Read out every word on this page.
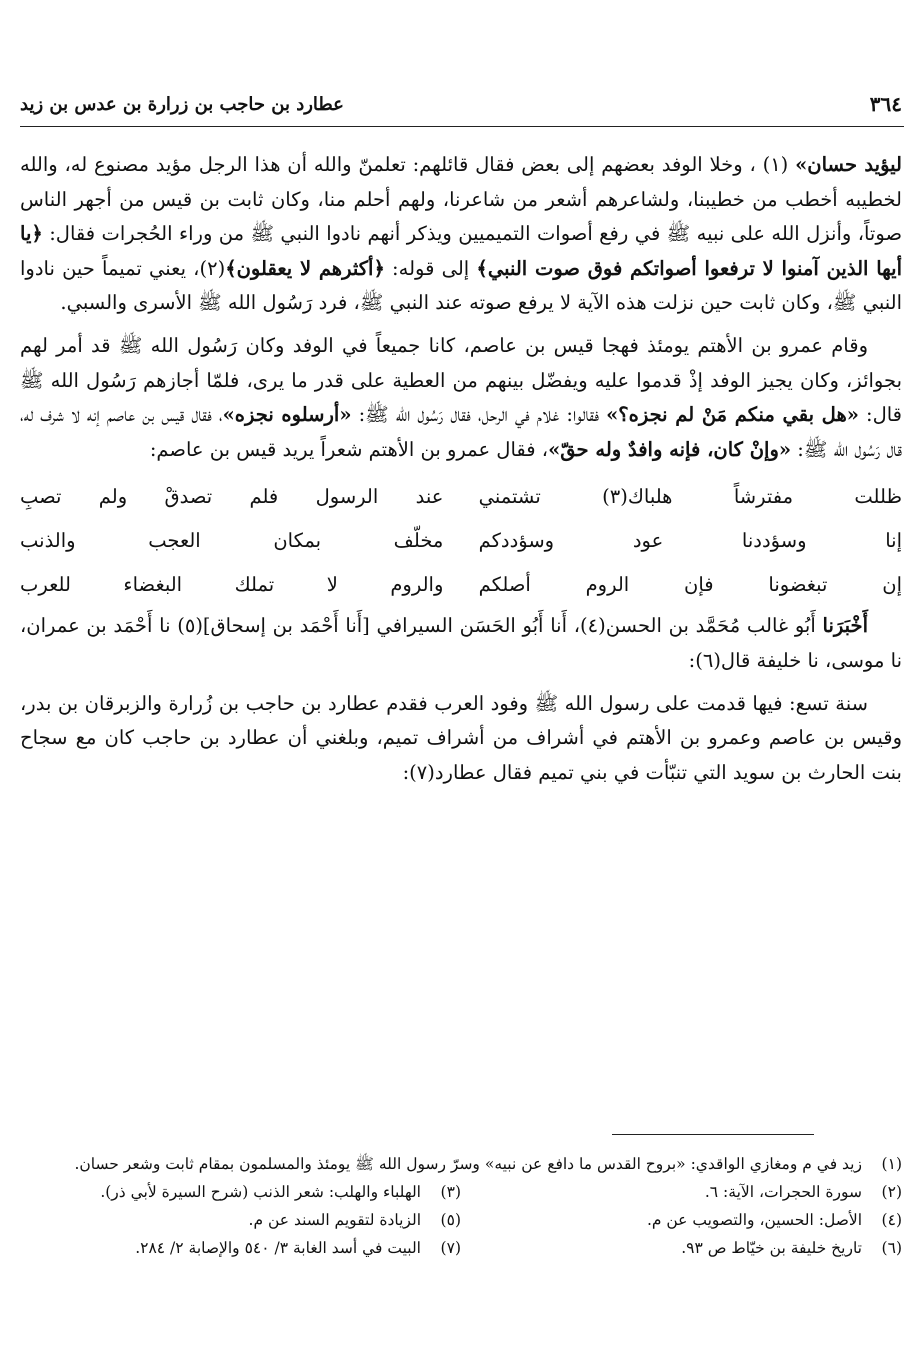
٣٦٤
عطارد بن حاجب بن زرارة بن عدس بن زيد

ليؤيد حسان» (١) ، وخلا الوفد بعضهم إلى بعض فقال قائلهم: تعلمنّ والله أن هذا الرجل مؤيد مصنوع له، والله لخطيبه أخطب من خطيبنا، ولشاعرهم أشعر من شاعرنا، ولهم أحلم منا، وكان ثابت بن قيس من أجهر الناس صوتاً، وأنزل الله على نبيه ﷺ في رفع أصوات التميميين ويذكر أنهم نادوا النبي ﷺ من وراء الحُجرات فقال: ﴿يا أيها الذين آمنوا لا ترفعوا أصواتكم فوق صوت النبي﴾ إلى قوله: ﴿أكثرهم لا يعقلون﴾(٢)، يعني تميماً حين نادوا النبي ﷺ، وكان ثابت حين نزلت هذه الآية لا يرفع صوته عند النبي ﷺ، فرد رَسُول الله ﷺ الأسرى والسبي.

وقام عمرو بن الأهتم يومئذ فهجا قيس بن عاصم، كانا جميعاً في الوفد وكان رَسُول الله ﷺ قد أمر لهم بجوائز، وكان يجيز الوفد إذْ قدموا عليه ويفضّل بينهم من العطية على قدر ما يرى، فلمّا أجازهم رَسُول الله ﷺ قال: «هل بقي منكم مَنْ لم نجزه؟» فقالوا: غلام في الرحل، فقال رَسُول الله ﷺ: «أرسلوه نجزه»، فقال قيس بن عاصم إنه لا شرف له، قال رَسُول الله ﷺ: «وإنْ كان، فإنه وافدٌ وله حقّ»، فقال عمرو بن الأهتم شعراً يريد قيس بن عاصم:

ظللت مفترشاً هلباك(٣) تشتمني
عند الرسول فلم تصدقْ ولم تصبِ
إنا وسؤددنا عود وسؤددكم
مخلّف بمكان العجب والذنب
إن تبغضونا فإن الروم أصلكم
والروم لا تملك البغضاء للعرب

أَخْبَرَنا أَبُو غالب مُحَمَّد بن الحسن(٤)، أَنا أَبُو الحَسَن السيرافي [أَنا أَحْمَد بن إسحاق](٥) نا أَحْمَد بن عمران، نا موسى، نا خليفة قال(٦):

سنة تسع: فيها قدمت على رسول الله ﷺ وفود العرب فقدم عطارد بن حاجب بن زُرارة والزبرقان بن بدر، وقيس بن عاصم وعمرو بن الأهتم في أشراف من أشراف تميم، وبلغني أن عطارد بن حاجب كان مع سجاح بنت الحارث بن سويد التي تنبّأت في بني تميم فقال عطارد(٧):

(١)
زيد في م ومغازي الواقدي: «بروح القدس ما دافع عن نبيه» وسرّ رسول الله ﷺ يومئذ والمسلمون بمقام ثابت وشعر حسان.
(٢)
سورة الحجرات، الآية: ٦.
(٣)
الهلباء والهلب: شعر الذنب (شرح السيرة لأبي ذر).
(٤)
الأصل: الحسين، والتصويب عن م.
(٥)
الزيادة لتقويم السند عن م.
(٦)
تاريخ خليفة بن خيّاط ص ٩٣.
(٧)
البيت في أسد الغابة ٣/ ٥٤٠ والإصابة ٢/ ٢٨٤.
